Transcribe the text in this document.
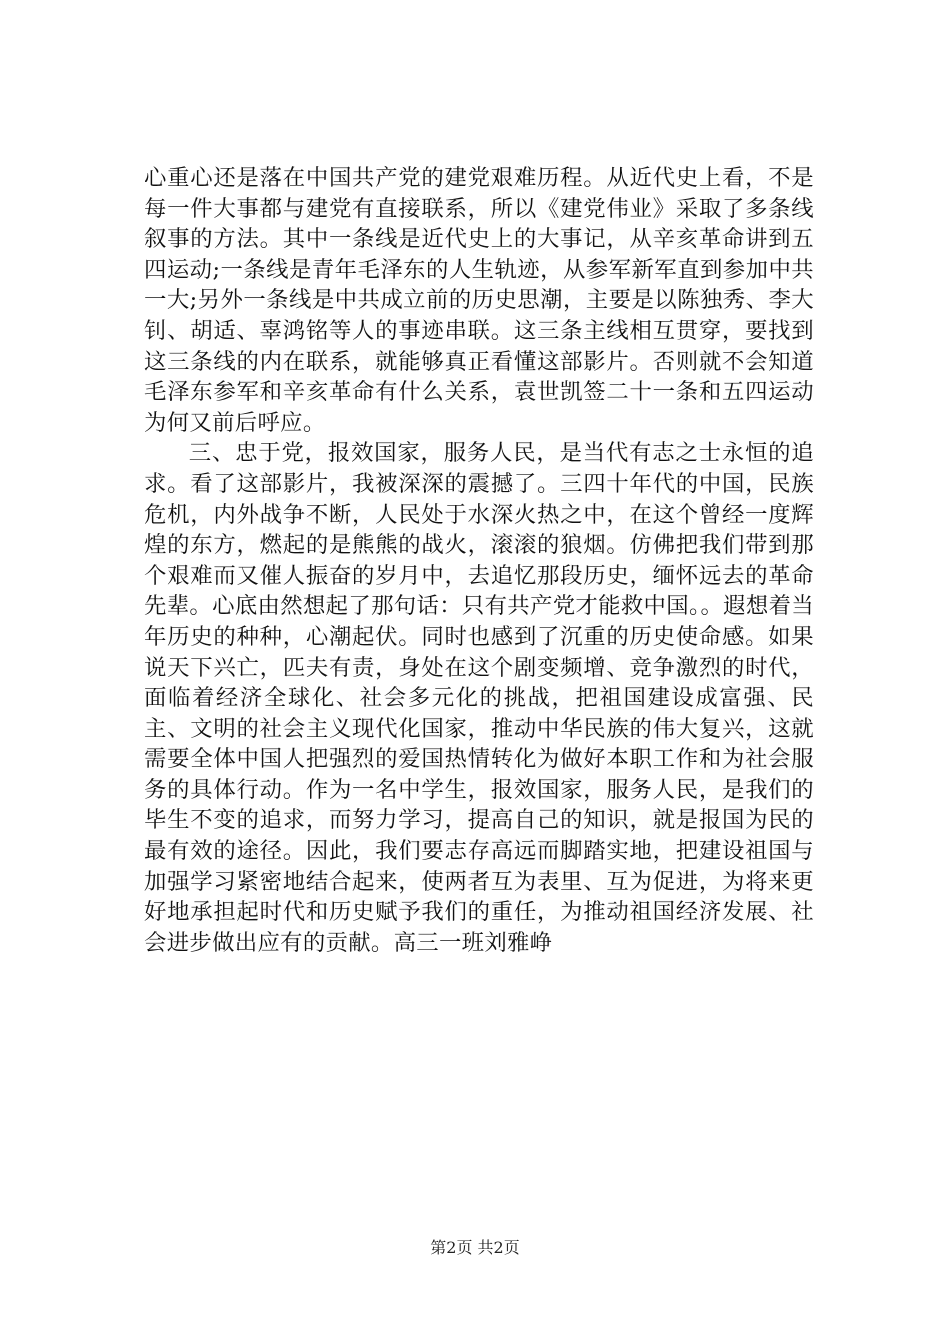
心重心还是落在中国共产党的建党艰难历程。从近代史上看，不是每一件大事都与建党有直接联系，所以《建党伟业》采取了多条线叙事的方法。其中一条线是近代史上的大事记，从辛亥革命讲到五四运动;一条线是青年毛泽东的人生轨迹，从参军新军直到参加中共一大;另外一条线是中共成立前的历史思潮，主要是以陈独秀、李大钊、胡适、辜鸿铭等人的事迹串联。这三条主线相互贯穿，要找到这三条线的内在联系，就能够真正看懂这部影片。否则就不会知道毛泽东参军和辛亥革命有什么关系，袁世凯签二十一条和五四运动为何又前后呼应。

三、忠于党，报效国家，服务人民，是当代有志之士永恒的追求。看了这部影片，我被深深的震撼了。三四十年代的中国，民族危机，内外战争不断，人民处于水深火热之中，在这个曾经一度辉煌的东方，燃起的是熊熊的战火，滚滚的狼烟。仿佛把我们带到那个艰难而又催人振奋的岁月中，去追忆那段历史，缅怀远去的革命先辈。心底由然想起了那句话：只有共产党才能救中国。。遐想着当年历史的种种，心潮起伏。同时也感到了沉重的历史使命感。如果说天下兴亡，匹夫有责，身处在这个剧变频增、竞争激烈的时代，面临着经济全球化、社会多元化的挑战，把祖国建设成富强、民主、文明的社会主义现代化国家，推动中华民族的伟大复兴，这就需要全体中国人把强烈的爱国热情转化为做好本职工作和为社会服务的具体行动。作为一名中学生，报效国家，服务人民，是我们的毕生不变的追求，而努力学习，提高自己的知识，就是报国为民的最有效的途径。因此，我们要志存高远而脚踏实地，把建设祖国与加强学习紧密地结合起来，使两者互为表里、互为促进，为将来更好地承担起时代和历史赋予我们的重任，为推动祖国经济发展、社会进步做出应有的贡献。高三一班刘雅峥

第2页 共2页
